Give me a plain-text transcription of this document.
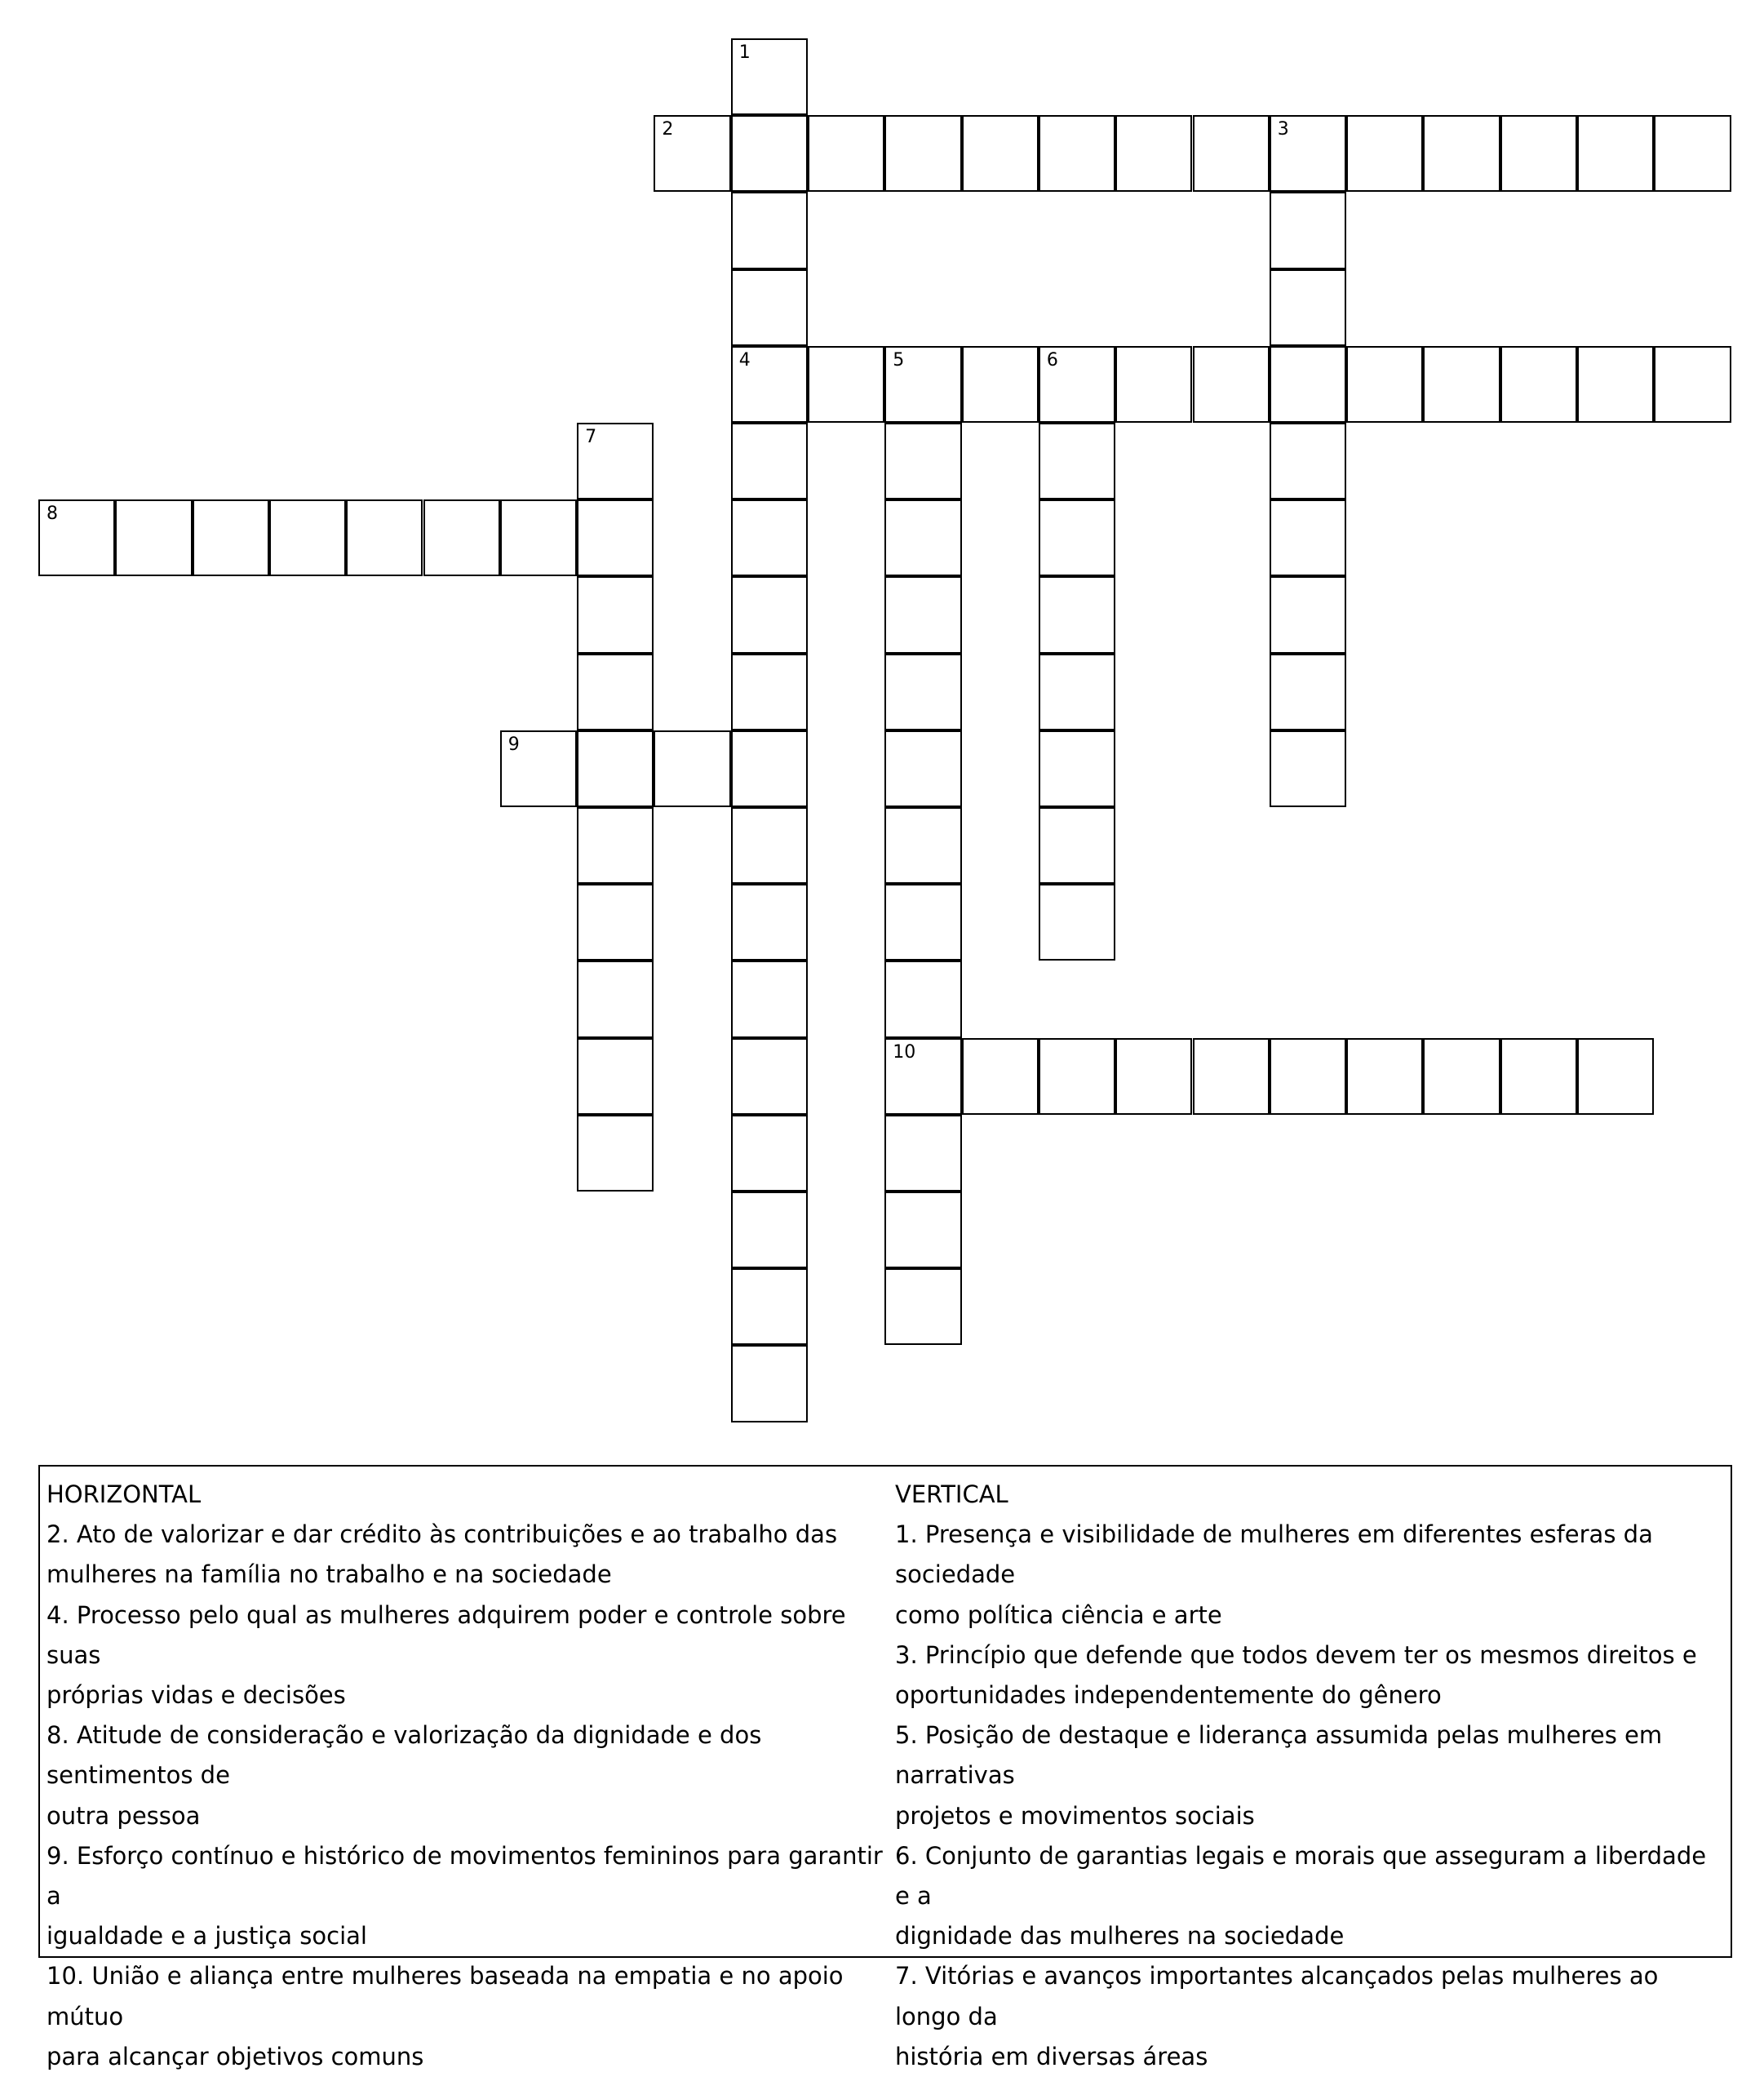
1
4
2	3
5	6
10
7
8
9
HORIZONTAL
2. Ato de valorizar e dar crédito às contribuições e ao trabalho das
mulheres na família no trabalho e na sociedade
4. Processo pelo qual as mulheres adquirem poder e controle sobre suas
próprias vidas e decisões
8. Atitude de consideração e valorização da dignidade e dos sentimentos de
outra pessoa
9. Esforço contínuo e histórico de movimentos femininos para garantir a
igualdade e a justiça social
10. União e aliança entre mulheres baseada na empatia e no apoio mútuo
para alcançar objetivos comuns
VERTICAL
1. Presença e visibilidade de mulheres em diferentes esferas da sociedade
como política ciência e arte
3. Princípio que defende que todos devem ter os mesmos direitos e
oportunidades independentemente do gênero
5. Posição de destaque e liderança assumida pelas mulheres em narrativas
projetos e movimentos sociais
6. Conjunto de garantias legais e morais que asseguram a liberdade e a
dignidade das mulheres na sociedade
7. Vitórias e avanços importantes alcançados pelas mulheres ao longo da
história em diversas áreas
